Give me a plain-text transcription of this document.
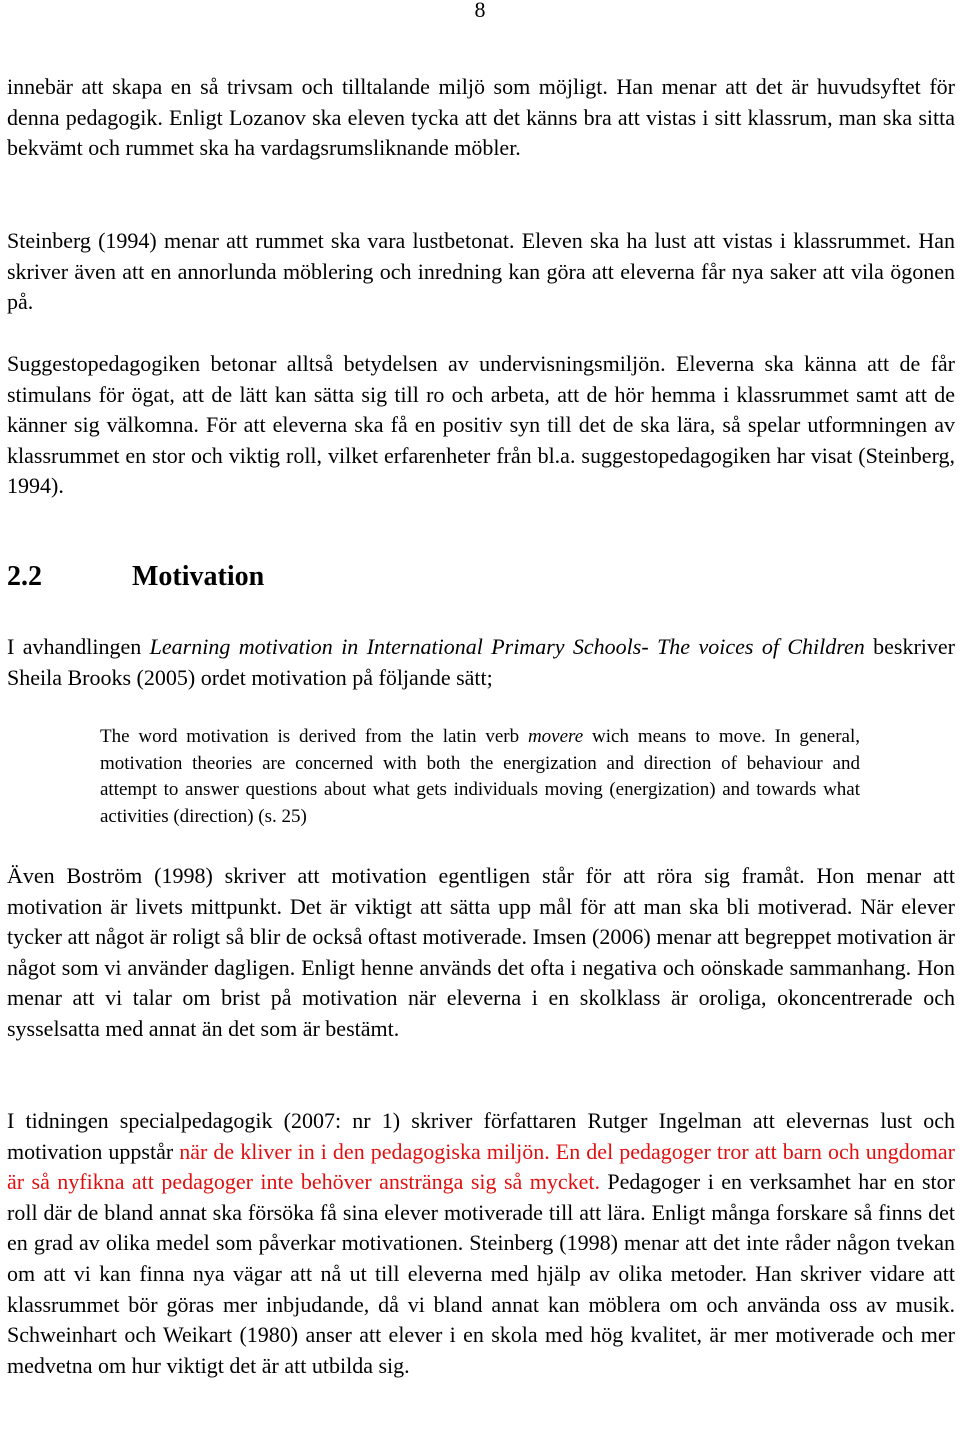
8

innebär att skapa en så trivsam och tilltalande miljö som möjligt. Han menar att det är huvudsyftet för denna pedagogik. Enligt Lozanov ska eleven tycka att det känns bra att vistas i sitt klassrum, man ska sitta bekvämt och rummet ska ha vardagsrumsliknande möbler.

Steinberg (1994) menar att rummet ska vara lustbetonat. Eleven ska ha lust att vistas i klassrummet. Han skriver även att en annorlunda möblering och inredning kan göra att eleverna får nya saker att vila ögonen på.

Suggestopedagogiken betonar alltså betydelsen av undervisningsmiljön. Eleverna ska känna att de får stimulans för ögat, att de lätt kan sätta sig till ro och arbeta, att de hör hemma i klassrummet samt att de känner sig välkomna. För att eleverna ska få en positiv syn till det de ska lära, så spelar utformningen av klassrummet en stor och viktig roll, vilket erfarenheter från bl.a. suggestopedagogiken har visat (Steinberg, 1994).

2.2	Motivation

I avhandlingen Learning motivation in International Primary Schools- The voices of Children beskriver Sheila Brooks (2005) ordet motivation på följande sätt;

The word motivation is derived from the latin verb movere wich means to move. In general, motivation theories are concerned with both the energization and direction of behaviour and attempt to answer questions about what gets individuals moving (energization) and towards what activities (direction) (s. 25)

Även Boström (1998) skriver att motivation egentligen står för att röra sig framåt. Hon menar att motivation är livets mittpunkt. Det är viktigt att sätta upp mål för att man ska bli motiverad. När elever tycker att något är roligt så blir de också oftast motiverade. Imsen (2006) menar att begreppet motivation är något som vi använder dagligen. Enligt henne används det ofta i negativa och oönskade sammanhang. Hon menar att vi talar om brist på motivation när eleverna i en skolklass är oroliga, okoncentrerade och sysselsatta med annat än det som är bestämt.

I tidningen specialpedagogik (2007: nr 1) skriver författaren Rutger Ingelman att elevernas lust och motivation uppstår när de kliver in i den pedagogiska miljön. En del pedagoger tror att barn och ungdomar är så nyfikna att pedagoger inte behöver anstränga sig så mycket. Pedagoger i en verksamhet har en stor roll där de bland annat ska försöka få sina elever motiverade till att lära. Enligt många forskare så finns det en grad av olika medel som påverkar motivationen. Steinberg (1998) menar att det inte råder någon tvekan om att vi kan finna nya vägar att nå ut till eleverna med hjälp av olika metoder. Han skriver vidare att klassrummet bör göras mer inbjudande, då vi bland annat kan möblera om och använda oss av musik. Schweinhart och Weikart (1980) anser att elever i en skola med hög kvalitet, är mer motiverade och mer medvetna om hur viktigt det är att utbilda sig.
